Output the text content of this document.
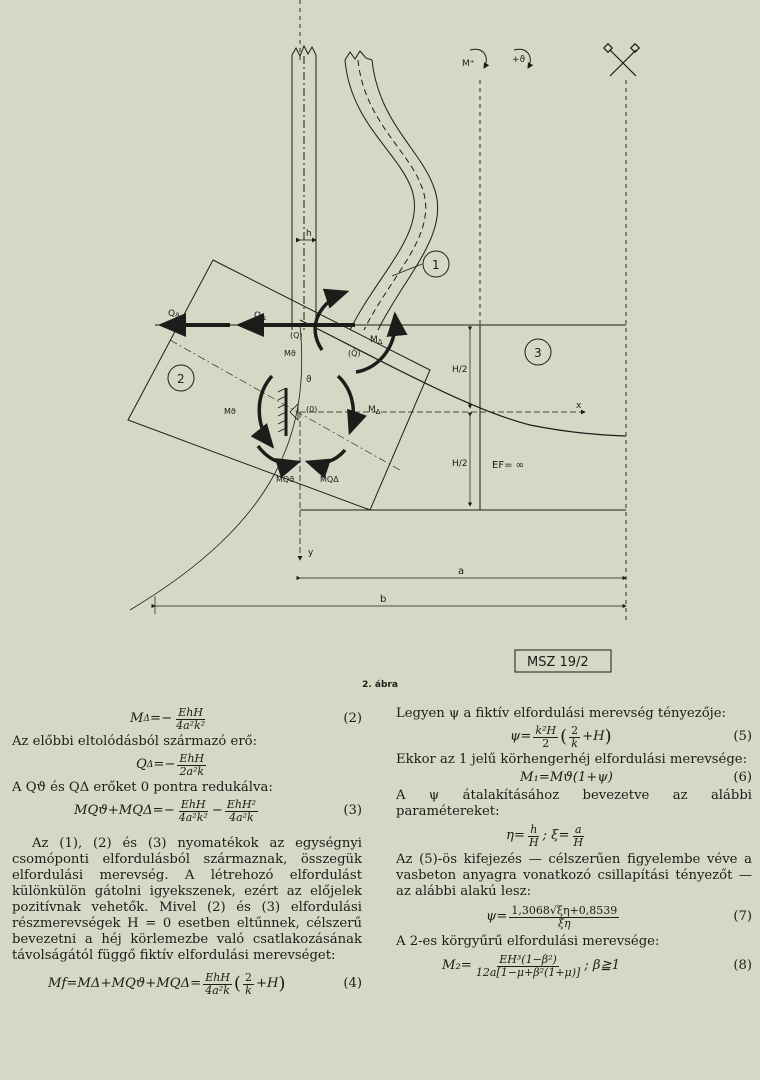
h
1
3
2
x
y
H/2
H/2 EF= ∞
a
b
$Q_ϑ$	$Q_\Delta$
(Q)
(Q̂)
(0)
ϑ
$M_\Delta$
Mϑ
Mϑ	$M_\Delta$
MQϑ	MQΔ
M⁺	+ϑ
MSZ 19/2
2. ábra
M $\Delta =- \frac{\text{EhH}}{\text{4a²k²}}$	(2)

Az előbbi eltolódásból származó erő:

Q $\Delta =- \frac{\text{EhH}}{\text{2a²k}}$

A Qϑ és QΔ erőket 0 pontra redukálva:

$MQϑ+MQ\Delta =- \frac{\text{EhH}}{\text{4a²k²}} - \frac{\text{EhH²}}{\text{4a²k}}$	(3)

Az (1), (2) és (3) nyomatékok az egységnyi csomóponti elfordulásból származnak, összegük elfordulási merevség. A létrehozó elfordulást különkülön gátolni igyekszenek, ezért az előjelek pozitívnak vehetők. Mivel (2) és (3) elfordulási részmerevségek H = 0 esetben eltűnnek, célszerű bevezetni a héj körlemezbe való csatlakozásának távolságától függő fiktív elfordulási merevséget:

$Mf=M\Delta+MQϑ+MQ\Delta = \frac{\text{EhH}}{\text{4a²k}}$ ( $\frac{2}{k} +H$ )	(4)

Legyen ψ a fiktív elfordulási merevség tényezője:

$\psi= \frac{\text{k²H}}{2}$ ( $\frac{2}{k} +H$ )	(5)

Ekkor az 1 jelű körhengerhéj elfordulási merevsége:

M₁=Mϑ(1+ψ)	(6)

A ψ átalakításához bevezetve az alábbi paramétereket:

$\eta= \frac{h}{H}$ ; $\xi= \frac{a}{H}$

Az (5)-ös kifejezés — célszerűen figyelembe véve a vasbeton anyagra vonatkozó csillapítási tényezőt — az alábbi alakú lesz:

$\psi= \frac{1,3068√\xi\eta+0,8539}{\xi\eta}$	(7)

A 2-es körgyűrű elfordulási merevsége:

$M_2= \frac{\text{EH³(1−β²)}}{\text{12a[1−μ+β²(1+μ)]}}$ ; β≧1	(8)
